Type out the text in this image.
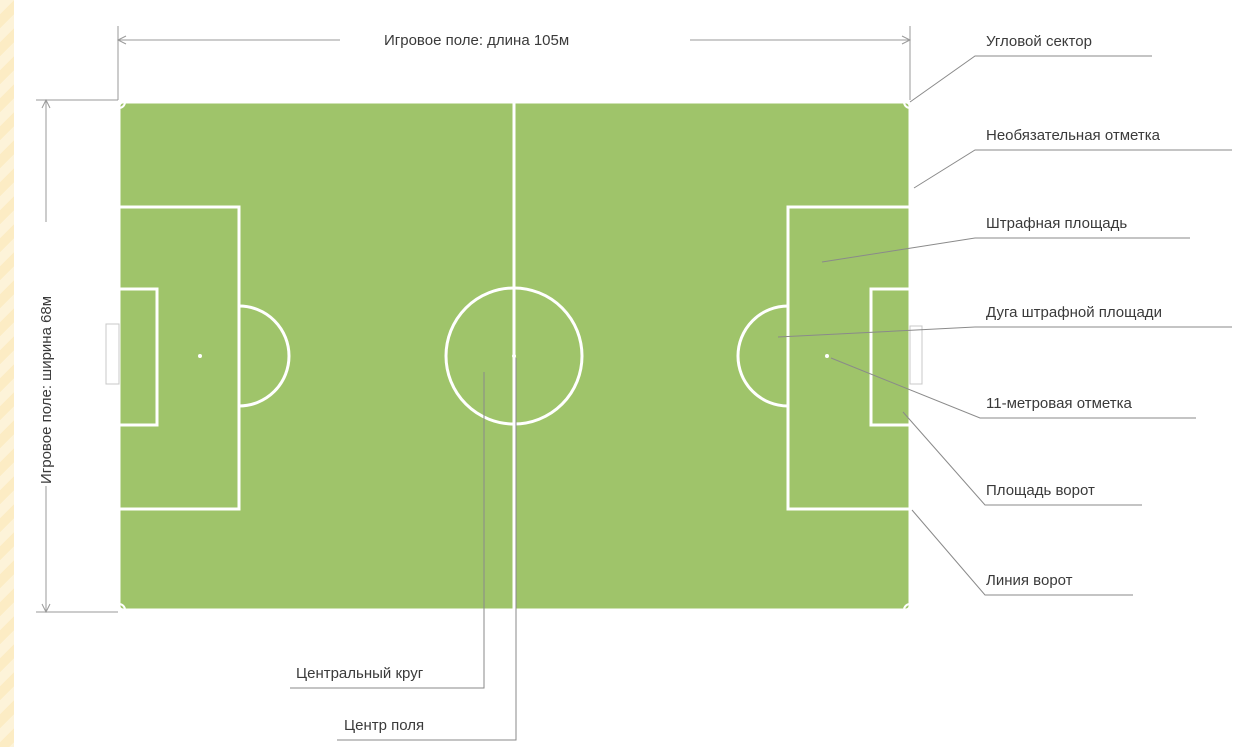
Игровое поле: длина 105м
Игровое поле: ширина 68м
Угловой сектор
Необязательная отметка
Штрафная площадь
Дуга штрафной площади
11-метровая отметка
Площадь ворот
Линия ворот
Центральный круг
Центр поля
